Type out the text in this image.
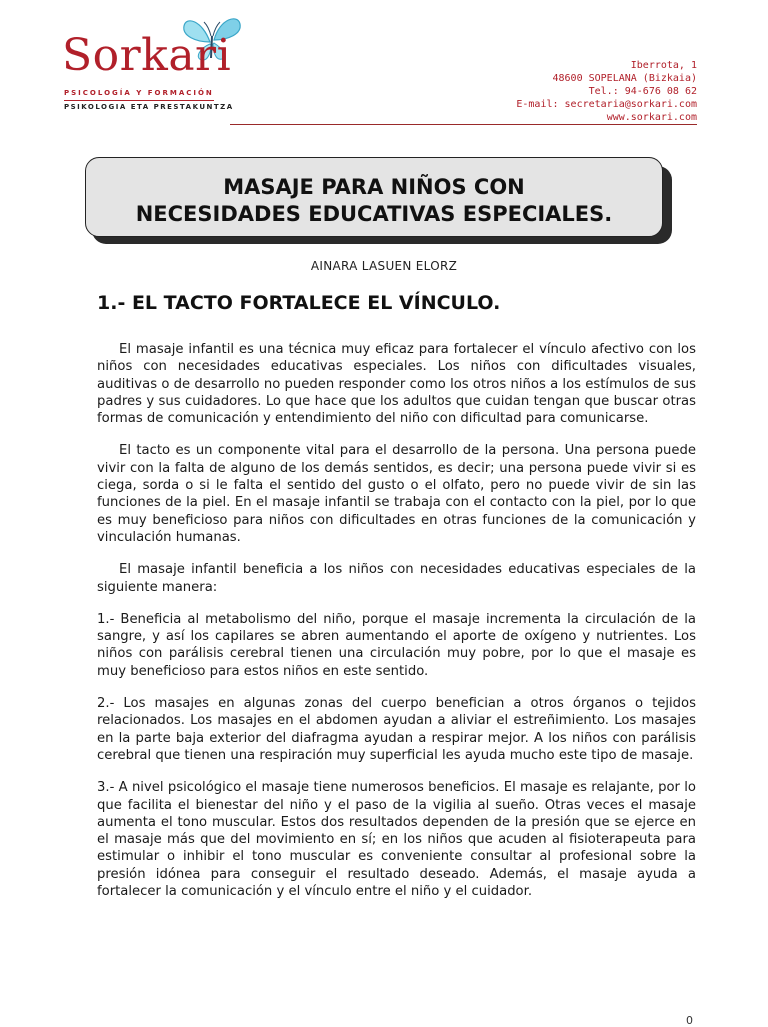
Sorkari
PSICOLOGÍA Y FORMACIÓN
PSIKOLOGIA ETA PRESTAKUNTZA
Iberrota, 1
48600 SOPELANA (Bizkaia)
Tel.: 94-676 08 62
E-mail: secretaria@sorkari.com
www.sorkari.com
MASAJE PARA NIÑOS CON
NECESIDADES EDUCATIVAS ESPECIALES.
AINARA LASUEN ELORZ
1.- EL TACTO FORTALECE EL VÍNCULO.

El masaje infantil es una técnica muy eficaz para fortalecer el vínculo afectivo con los niños con necesidades educativas especiales. Los niños con dificultades visuales, auditivas o de desarrollo no pueden responder como los otros niños a los estímulos de sus padres y sus cuidadores. Lo que hace que los adultos que cuidan tengan que buscar otras formas de comunicación y entendimiento del niño con dificultad para comunicarse.

El tacto es un componente vital para el desarrollo de la persona. Una persona puede vivir con la falta de alguno de los demás sentidos, es decir; una persona puede vivir si es ciega, sorda o si le falta el sentido del gusto o el olfato, pero no puede vivir de sin las funciones de la piel. En el masaje infantil se trabaja con el contacto con la piel, por lo que es muy beneficioso para niños con dificultades en otras funciones de la comunicación y vinculación humanas.

El masaje infantil beneficia a los niños con necesidades educativas especiales de la siguiente manera:

1.- Beneficia al metabolismo del niño, porque el masaje incrementa la circulación de la sangre, y así los capilares se abren aumentando el aporte de oxígeno y nutrientes. Los niños con parálisis cerebral tienen una circulación muy pobre, por lo que el masaje es muy beneficioso para estos niños en este sentido.

2.- Los masajes en algunas zonas del cuerpo benefician a otros órganos o tejidos relacionados. Los masajes en el abdomen ayudan a aliviar el estreñimiento. Los masajes en la parte baja exterior del diafragma ayudan a respirar mejor. A los niños con parálisis cerebral que tienen una respiración muy superficial les ayuda mucho este tipo de masaje.

3.- A nivel psicológico el masaje tiene numerosos beneficios. El masaje es relajante, por lo que facilita el bienestar del niño y el paso de la vigilia al sueño. Otras veces el masaje aumenta el tono muscular. Estos dos resultados dependen de la presión que se ejerce en el masaje más que del movimiento en sí; en los niños que acuden al fisioterapeuta para estimular o inhibir el tono muscular es conveniente consultar al profesional sobre la presión idónea para conseguir el resultado deseado. Además, el masaje ayuda a fortalecer la comunicación y el vínculo entre el niño y el cuidador.

0
